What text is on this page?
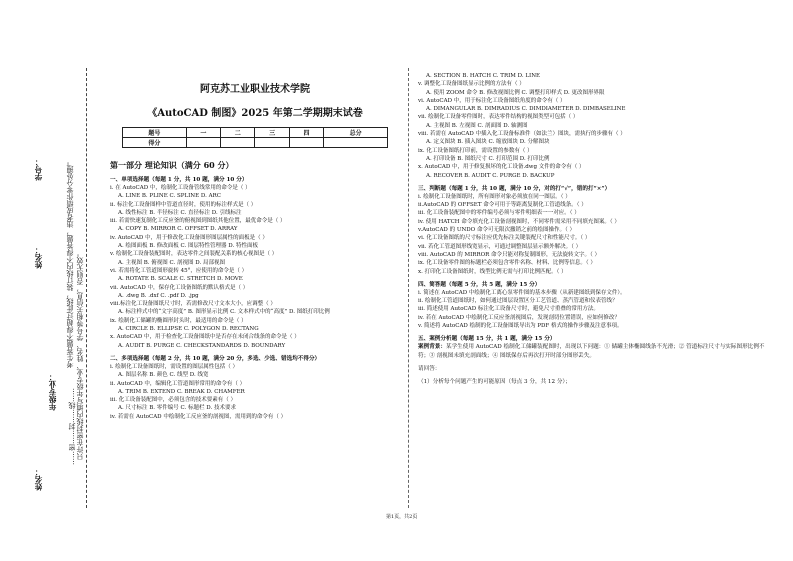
学号：	考生答题不得超过此线，装订线内不得答题，违者成绩作零分处理。
姓名：	只许在密封线内填写年级专业、姓名、学号等相关信息，否则无效。
年级专业： ……密……封……线……
姓名：
阿克苏工业职业技术学院
《AutoCAD 制图》2025 年第二学期期末试卷
题号	一	二	三	四	总分
得分					
第一部分 理论知识（满分 60 分）
一、单项选择题（每题 1 分，共 10 题，满分 10 分）
i. 在 AutoCAD 中，绘制化工设备管线常用的命令是（ ）
A. LINE B. PLINE C. SPLINE D. ARC
ii. 标注化工设备图样中管道直径时，使用的标注样式是（ ）
A. 线性标注 B. 半径标注 C. 直径标注 D. 引线标注
iii. 若需快速复制化工反应釜的俯视图到图纸其他位置，最优命令是（ ）
A. COPY B. MIRROR C. OFFSET D. ARRAY
iv. AutoCAD 中，用于修改化工设备图形图层属性的面板是（ ）
A. 绘图面板 B. 修改面板 C. 图层特性管理器 D. 特性面板
v. 绘制化工设备装配图时，表达零件之间装配关系的核心视图是（ ）
A. 主视图 B. 俯视图 C. 剖视图 D. 局部视图
vi. 若需将化工管道图形旋转 45°，应使用的命令是（ ）
A. ROTATE B. SCALE C. STRETCH D. MOVE
vii. AutoCAD 中，保存化工设备图纸的默认格式是（ ）
A. .dwg B. .dxf C. .pdf D. .jpg
viii.标注化工设备图纸尺寸时，若需修改尺寸文本大小，应调整（ ）
A. 标注样式中的“文字高度” B. 图形显示比例 C. 文本样式中的“高度” D. 图纸打印比例
ix. 绘制化工储罐的椭圆形封头时，最适用的命令是（ ）
A. CIRCLE B. ELLIPSE C. POLYGON D. RECTANG
x. AutoCAD 中，用于检查化工设备图纸中是否存在未闭合线条的命令是（ ）
A. AUDIT B. PURGE C. CHECKSTANDARDS D. BOUNDARY
二、多项选择题（每题 2 分，共 10 题，满分 20 分，多选、少选、错选均不得分）
i. 绘制化工设备图纸时，需设置的图层属性包括（ ）
A. 图层名称 B. 颜色 C. 线型 D. 线宽
ii. AutoCAD 中，编辑化工管道图形常用的命令有（ ）
A. TRIM B. EXTEND C. BREAK D. CHAMFER
iii. 化工设备装配图中，必须包含的技术要素有（ ）
A. 尺寸标注 B. 零件编号 C. 标题栏 D. 技术要求
iv. 若需在 AutoCAD 中绘制化工反应釜的剖视图，需用到的命令有（ ）
A. SECTION B. HATCH C. TRIM D. LINE
v. 调整化工设备图纸显示比例的方法有（ ）
A. 使用 ZOOM 命令 B. 修改视图比例 C. 调整打印样式 D. 更改图形界限
vi. AutoCAD 中，用于标注化工设备图纸角度的命令有（ ）
A. DIMANGULAR B. DIMRADIUS C. DIMDIAMETER D. DIMBASELINE
vii. 绘制化工设备零件图时，表达零件结构的视图类型可包括（ ）
A. 主视图 B. 左视图 C. 剖面图 D. 轴测图
viii. 若需在 AutoCAD 中插入化工设备标准件（如法兰）图块，需执行的步骤有（ ）
A. 定义图块 B. 插入图块 C. 缩放图块 D. 分解图块
ix. 化工设备图纸打印前，需设置的参数有（ ）
A. 打印设备 B. 图纸尺寸 C. 打印范围 D. 打印比例
x. AutoCAD 中，用于修复损坏的化工设备.dwg 文件的命令有（ ）
A. RECOVER B. AUDIT C. PURGE D. BACKUP
三、判断题（每题 1 分，共 10 题，满分 10 分，对的打“√”，错的打“×”）
i. 绘制化工设备图纸时，所有图形对象必须放在同一图层。（ ）
ii.AutoCAD 的 OFFSET 命令可用于等距离复制化工管道线条。（ ）
iii. 化工设备装配图中的零件编号必须与零件明细表一一对应。（ ）
iv. 使用 HATCH 命令填充化工设备剖视图时，不同零件需采用不同填充图案。（ ）
v.AutoCAD 的 UNDO 命令可无限次撤销之前的绘图操作。（ ）
vi. 化工设备图纸的尺寸标注应优先标注关键装配尺寸和性能尺寸。（ ）
vii. 若化工管道图形线宽显示，可通过调整图层显示额外解决。（ ）
viii. AutoCAD 的 MIRROR 命令只能对称复制图形，无法旋转文字。（ ）
ix. 化工设备零件图的标题栏必须包含零件名称、材料、比例等信息。（ ）
x. 打印化工设备图纸时，线型比例无需与打印比例匹配。（ ）
四、简答题（每题 5 分，共 5 题，满分 15 分）
i. 简述在 AutoCAD 中绘制化工离心泵零件图的基本步骤（从新建图纸到保存文件）。
ii. 绘制化工管道图纸时，如何通过图层设置区分工艺管道、蒸汽管道和仪表管线？
iii. 简述使用 AutoCAD 标注化工设备尺寸时，避免尺寸重叠的常用方法。
iv. 若在 AutoCAD 中绘制化工反应釜剖视图后，发现剖切位置错误，应如何修改？
v. 简述将 AutoCAD 绘制的化工设备图纸导出为 PDF 格式的操作步骤及注意事项。
五、案例分析题（每题 15 分，共 1 题，满分 15 分）
案例背景：某学生使用 AutoCAD 绘制化工储罐装配图时，出现以下问题：① 储罐主体椭圆线条不光滑；② 管道标注尺寸与实际图形比例不符；③ 剖视图未填充剖面线；④ 图纸保存后再次打开时部分图形丢失。
请回答：
（1）分析每个问题产生的可能原因（每点 3 分，共 12 分）；
第1页，共2页
